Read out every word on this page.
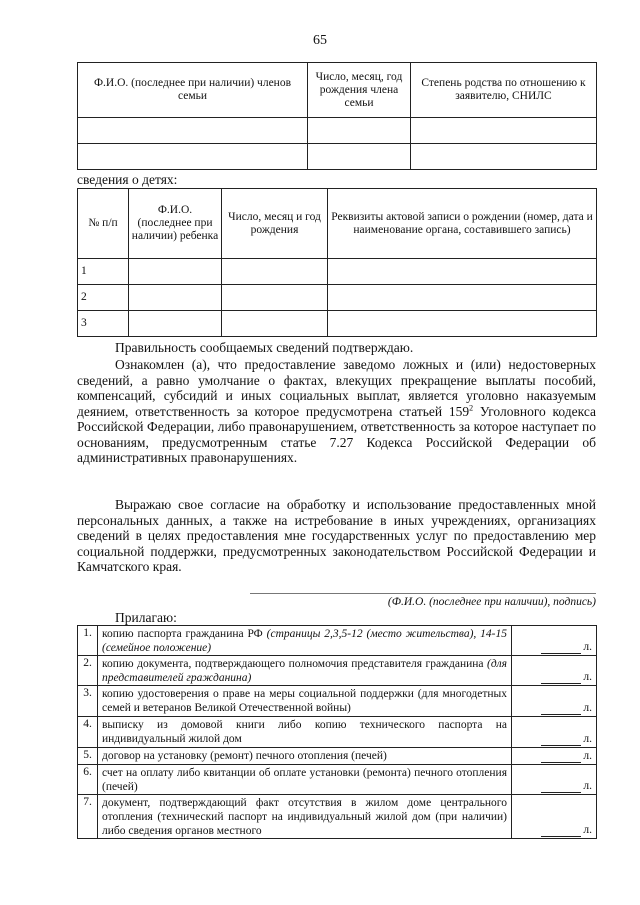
65
Ф.И.О. (последнее при наличии) членов семьи	Число, месяц, год рождения члена семьи	Степень родства по отношению к заявителю, СНИЛС

сведения о детях:
№ п/п	Ф.И.О. (последнее при наличии) ребенка	Число, месяц и год рождения	Реквизиты актовой записи о рождении (номер, дата и наименование органа, составившего запись)
1			
2			
3			
Правильность сообщаемых сведений подтверждаю.
Ознакомлен (а), что предоставление заведомо ложных и (или) недостоверных сведений, а равно умолчание о фактах, влекущих прекращение выплаты пособий, компенсаций, субсидий и иных социальных выплат, является уголовно наказуемым деянием, ответственность за которое предусмотрена статьей $159^2$ Уголовного кодекса Российской Федерации, либо правонарушением, ответственность за которое наступает по основаниям, предусмотренным статье 7.27 Кодекса Российской Федерации об административных правонарушениях.
Выражаю свое согласие на обработку и использование предоставленных мной персональных данных, а также на истребование в иных учреждениях, организациях сведений в целях предоставления мне государственных услуг по предоставлению мер социальной поддержки, предусмотренных законодательством Российской Федерации и Камчатского края.
(Ф.И.О. (последнее при наличии), подпись)
Прилагаю:
1.	копию паспорта гражданина РФ (страницы 2,3,5-12 (место жительства), 14-15 (семейное положение)	л.
2.	копию документа, подтверждающего полномочия представителя гражданина (для представителей гражданина)	л.
3.	копию удостоверения о праве на меры социальной поддержки (для многодетных семей и ветеранов Великой Отечественной войны)	л.
4.	выписку из домовой книги либо копию технического паспорта на индивидуальный жилой дом	л.
5.	договор на установку (ремонт) печного отопления (печей)	л.
6.	счет на оплату либо квитанции об оплате установки (ремонта) печного отопления (печей)	л.
7.	документ, подтверждающий факт отсутствия в жилом доме центрального отопления (технический паспорт на индивидуальный жилой дом (при наличии) либо сведения органов местного	л.
